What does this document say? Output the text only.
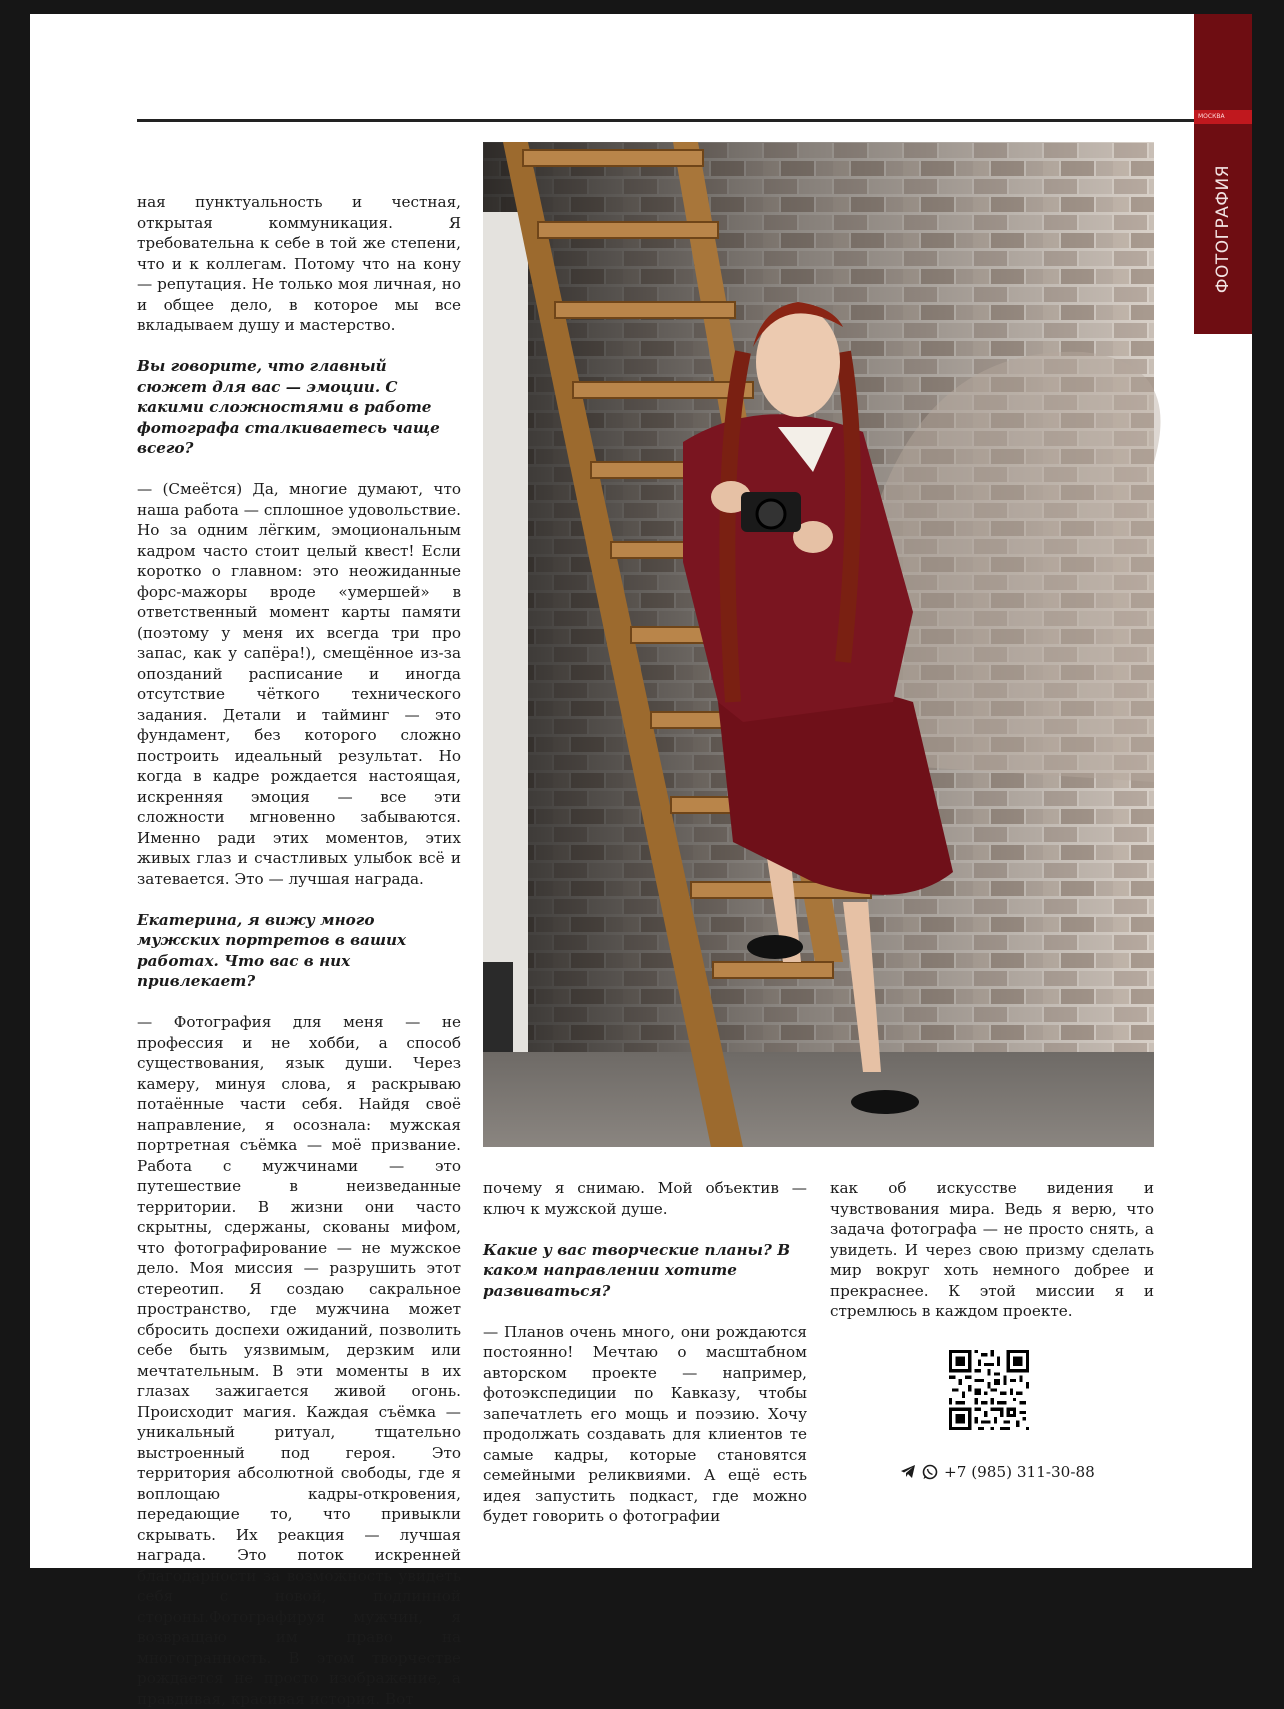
МОСКВА
ФОТОГРАФИЯ

ная пунктуальность и честная, открытая коммуникация. Я требовательна к себе в той же степени, что и к коллегам. Потому что на кону — репутация. Не только моя личная, но и общее дело, в которое мы все вкладываем душу и мастерство.

Вы говорите, что главный сюжет для вас — эмоции. С какими сложностями в работе фотографа сталкиваетесь чаще всего?

— (Смеётся) Да, многие думают, что наша работа — сплошное удовольствие. Но за одним лёгким, эмоциональным кадром часто стоит целый квест! Если коротко о главном: это неожиданные форс-мажоры вроде «умершей» в ответственный момент карты памяти (поэтому у меня их всегда три про запас, как у сапёра!), смещённое из-за опозданий расписание и иногда отсутствие чёткого технического задания. Детали и тайминг — это фундамент, без которого сложно построить идеальный результат. Но когда в кадре рождается настоящая, искренняя эмоция — все эти сложности мгновенно забываются. Именно ради этих моментов, этих живых глаз и счастливых улыбок всё и затевается. Это — лучшая награда.

Екатерина, я вижу много мужских портретов в ваших работах. Что вас в них привлекает?

— Фотография для меня — не профессия и не хобби, а способ существования, язык души. Через камеру, минуя слова, я раскрываю потаённые части себя. Найдя своё направление, я осознала: мужская портретная съёмка — моё призвание. Работа с мужчинами — это путешествие в неизведанные территории. В жизни они часто скрытны, сдержаны, скованы мифом, что фотографирование — не мужское дело. Моя миссия — разрушить этот стереотип. Я создаю сакральное пространство, где мужчина может сбросить доспехи ожиданий, позволить себе быть уязвимым, дерзким или мечтательным. В эти моменты в их глазах зажигается живой огонь. Происходит магия. Каждая съёмка — уникальный ритуал, тщательно выстроенный под героя. Это территория абсолютной свободы, где я воплощаю кадры-откровения, передающие то, что привыкли скрывать. Их реакция — лучшая награда. Это поток искренней благодарности за возможность увидеть себя с новой, подлинной стороны.Фотографируя мужчин, я возвращаю им право на многогранность. В этом творчестве рождается не просто изображение, а правдивая, красивая история. Вот

почему я снимаю. Мой объектив — ключ к мужской душе.

Какие у вас творческие планы? В каком направлении хотите развиваться?

— Планов очень много, они рождаются постоянно! Мечтаю о масштабном авторском проекте — например, фотоэкспедиции по Кавказу, чтобы запечатлеть его мощь и поэзию. Хочу продолжать создавать для клиентов те самые кадры, которые становятся семейными реликвиями. А ещё есть идея запустить подкаст, где можно будет говорить о фотографии

как об искусстве видения и чувствования мира. Ведь я верю, что задача фотографа — не просто снять, а увидеть. И через свою призму сделать мир вокруг хоть немного добрее и прекраснее. К этой миссии я и стремлюсь в каждом проекте.

+7 (985) 311-30-88
